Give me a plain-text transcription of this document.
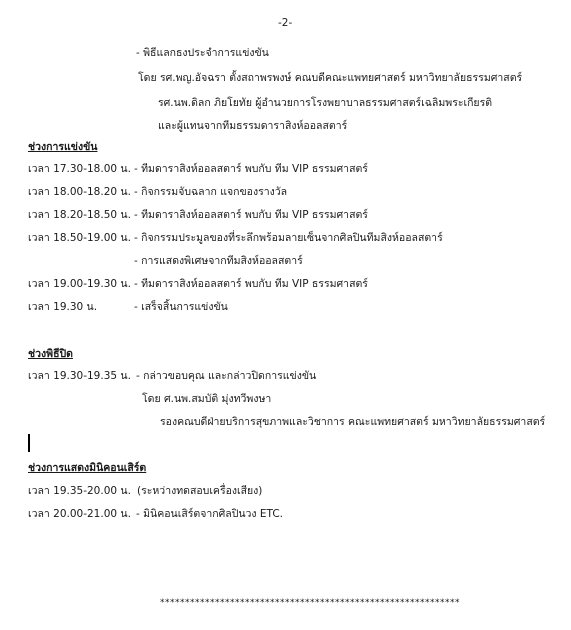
-2-
- พิธีแลกธงประจำการแข่งขัน
โดย รศ.พญ.อัจฉรา ตั้งสถาพรพงษ์ คณบดีคณะแพทยศาสตร์ มหาวิทยาลัยธรรมศาสตร์
รศ.นพ.ดิลก ภิยโยทัย ผู้อำนวยการโรงพยาบาลธรรมศาสตร์เฉลิมพระเกียรติ
และผู้แทนจากทีมธรรมดาราสิงห์ออลสตาร์
ช่วงการแข่งขัน
เวลา 17.30-18.00 น. - ทีมดาราสิงห์ออลสตาร์ พบกับ ทีม VIP ธรรมศาสตร์
เวลา 18.00-18.20 น. - กิจกรรมจับฉลาก แจกของรางวัล
เวลา 18.20-18.50 น. - ทีมดาราสิงห์ออลสตาร์ พบกับ ทีม VIP ธรรมศาสตร์
เวลา 18.50-19.00 น. - กิจกรรมประมูลของที่ระลึกพร้อมลายเซ็นจากศิลปินทีมสิงห์ออลสตาร์
- การแสดงพิเศษจากทีมสิงห์ออลสตาร์
เวลา 19.00-19.30 น. - ทีมดาราสิงห์ออลสตาร์ พบกับ ทีม VIP ธรรมศาสตร์
เวลา 19.30 น.	- เสร็จสิ้นการแข่งขัน
ช่วงพิธีปิด
เวลา 19.30-19.35 น. - กล่าวขอบคุณ และกล่าวปิดการแข่งขัน
โดย ศ.นพ.สมบัติ มุ่งทวีพงษา
รองคณบดีฝ่ายบริการสุขภาพและวิชาการ คณะแพทยศาสตร์ มหาวิทยาลัยธรรมศาสตร์
ช่วงการแสดงมินิคอนเสิร์ต
เวลา 19.35-20.00 น. (ระหว่างทดสอบเครื่องเสียง)
เวลา 20.00-21.00 น. - มินิคอนเสิร์ตจากศิลปินวง ETC.
************************************************************
